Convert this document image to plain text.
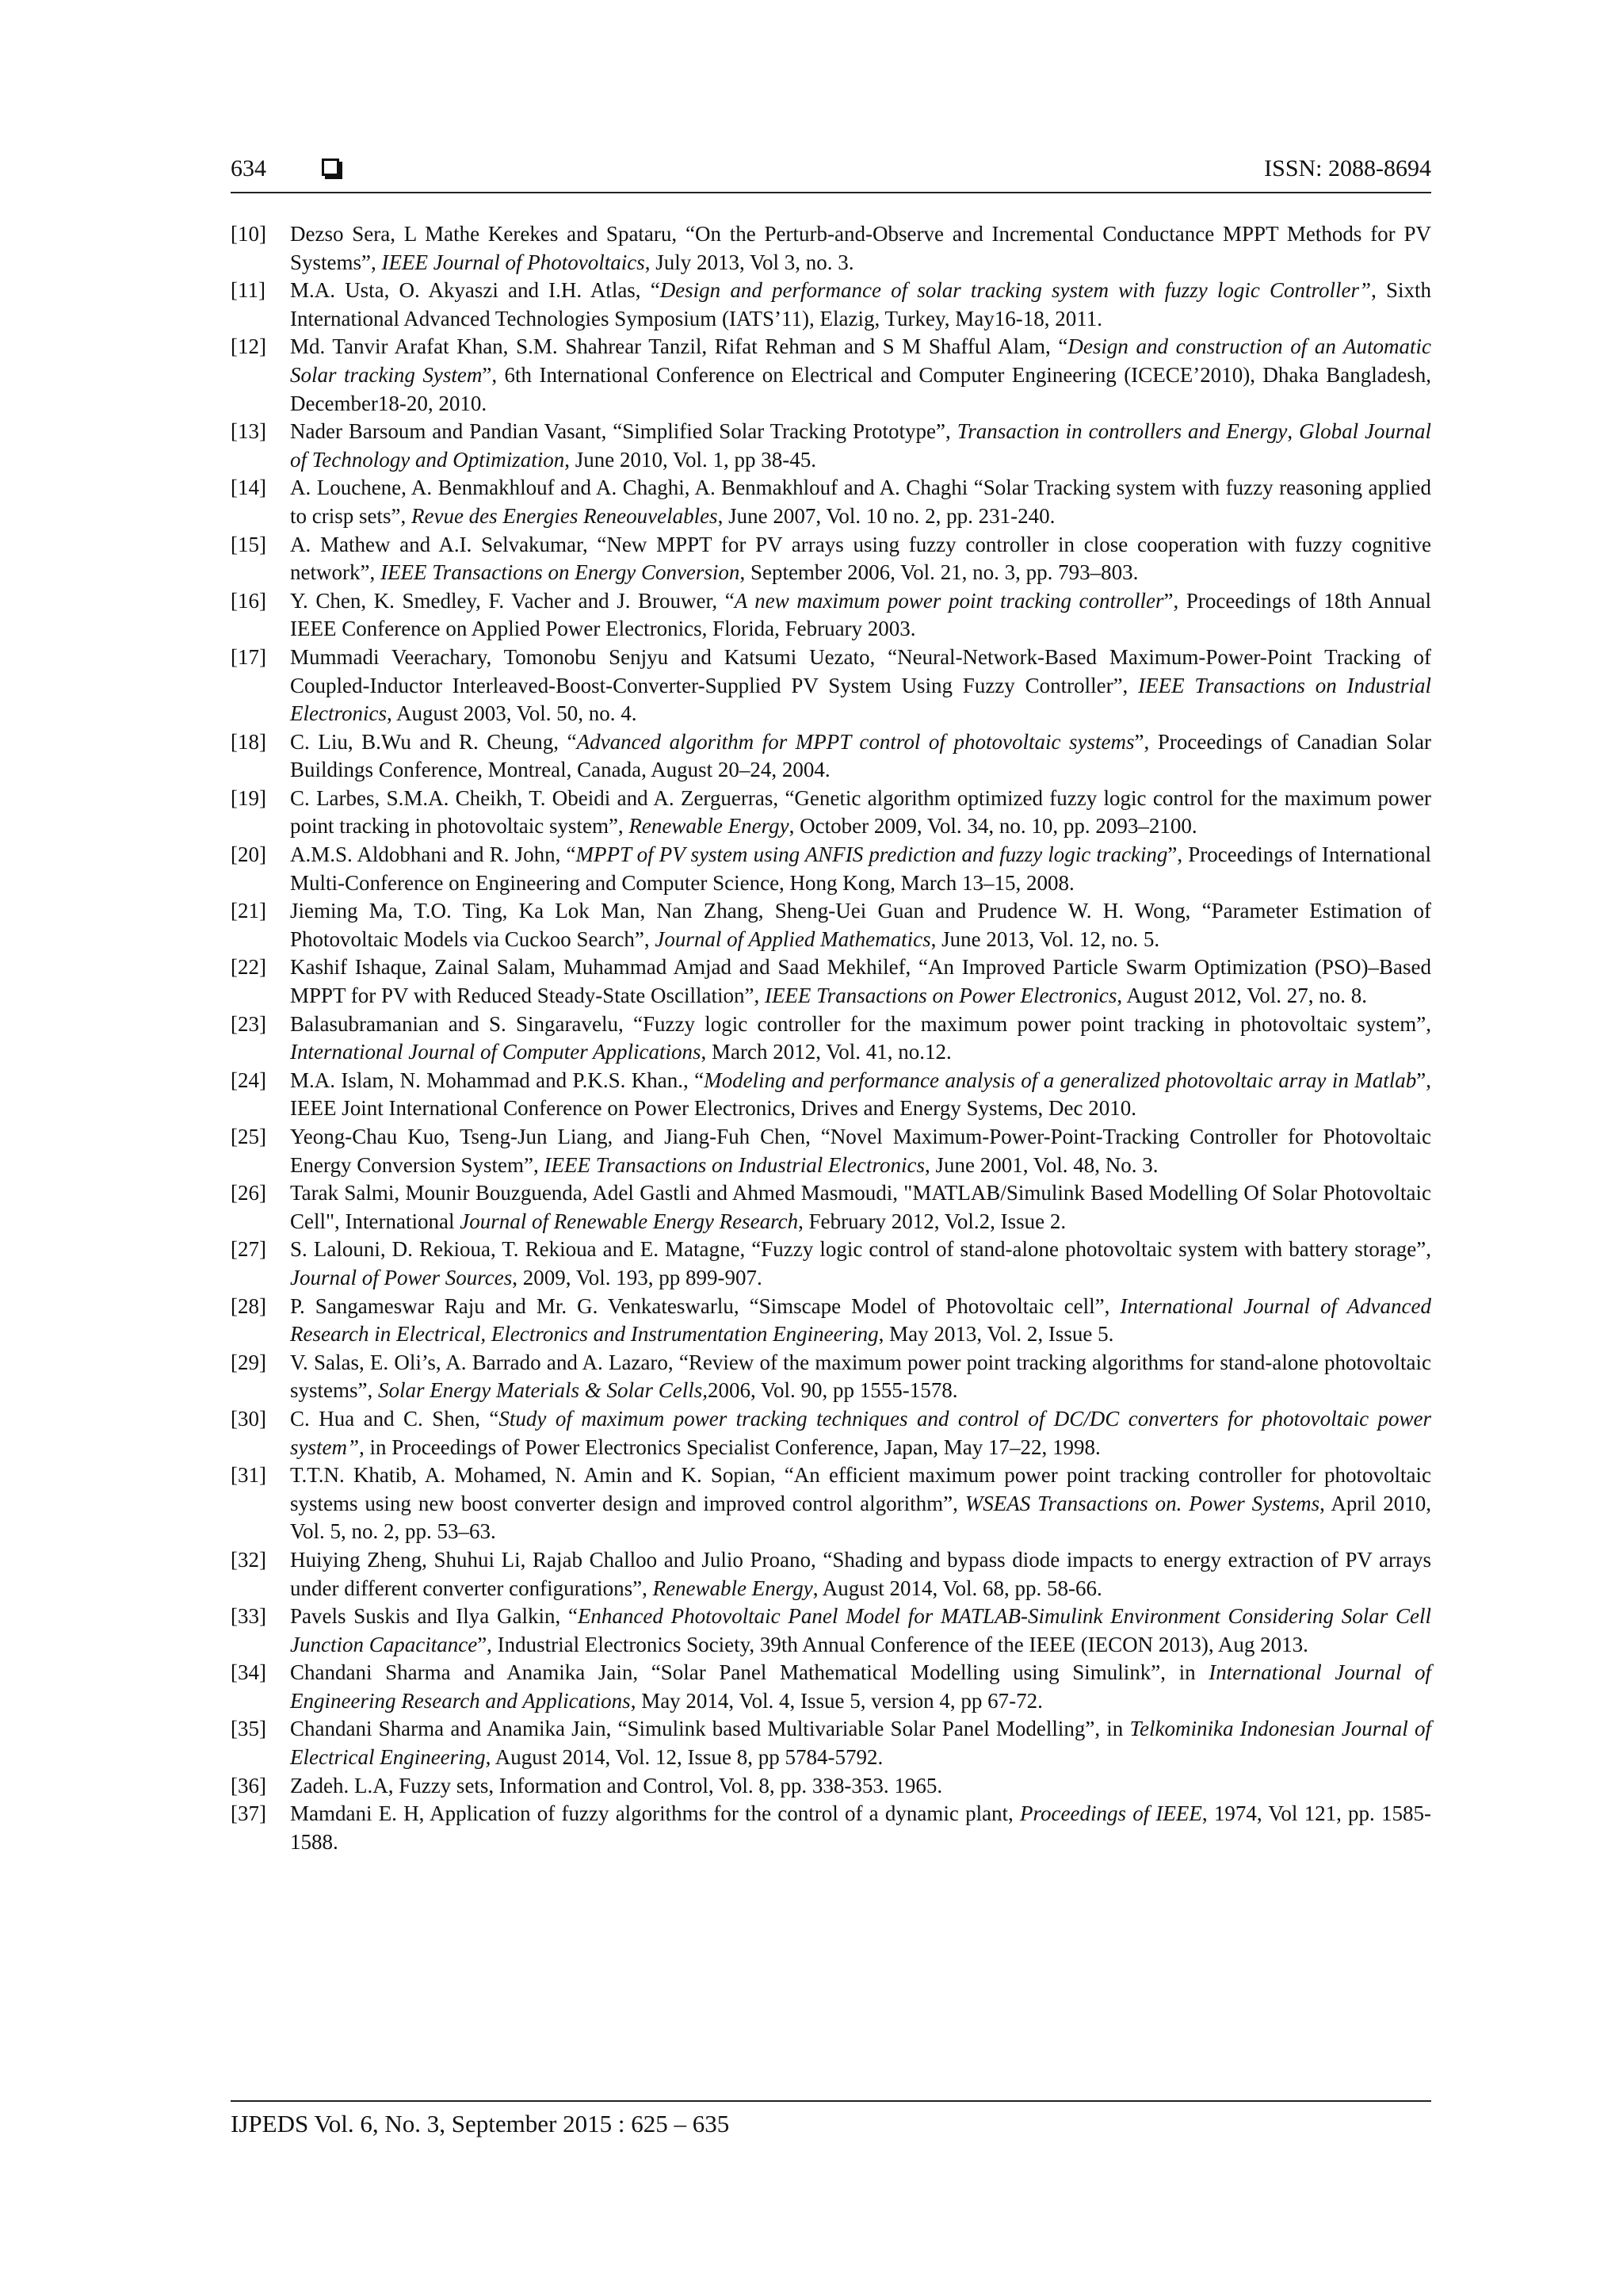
634	ISSN: 2088-8694
[10] Dezso Sera, L Mathe Kerekes and Spataru, “On the Perturb-and-Observe and Incremental Conductance MPPT Methods for PV Systems”, IEEE Journal of Photovoltaics, July 2013, Vol 3, no. 3.
[11] M.A. Usta, O. Akyaszi and I.H. Atlas, “Design and performance of solar tracking system with fuzzy logic Controller”, Sixth International Advanced Technologies Symposium (IATS’11), Elazig, Turkey, May16-18, 2011.
[12] Md. Tanvir Arafat Khan, S.M. Shahrear Tanzil, Rifat Rehman and S M Shafful Alam, “Design and construction of an Automatic Solar tracking System”, 6th International Conference on Electrical and Computer Engineering (ICECE’2010), Dhaka Bangladesh, December18-20, 2010.
[13] Nader Barsoum and Pandian Vasant, “Simplified Solar Tracking Prototype”, Transaction in controllers and Energy, Global Journal of Technology and Optimization, June 2010, Vol. 1, pp 38-45.
[14] A. Louchene, A. Benmakhlouf and A. Chaghi, A. Benmakhlouf and A. Chaghi “Solar Tracking system with fuzzy reasoning applied to crisp sets”, Revue des Energies Reneouvelables, June 2007, Vol. 10 no. 2, pp. 231-240.
[15] A. Mathew and A.I. Selvakumar, “New MPPT for PV arrays using fuzzy controller in close cooperation with fuzzy cognitive network”, IEEE Transactions on Energy Conversion, September 2006, Vol. 21, no. 3, pp. 793–803.
[16] Y. Chen, K. Smedley, F. Vacher and J. Brouwer, “A new maximum power point tracking controller”, Proceedings of 18th Annual IEEE Conference on Applied Power Electronics, Florida, February 2003.
[17] Mummadi Veerachary, Tomonobu Senjyu and Katsumi Uezato, “Neural-Network-Based Maximum-Power-Point Tracking of Coupled-Inductor Interleaved-Boost-Converter-Supplied PV System Using Fuzzy Controller”, IEEE Transactions on Industrial Electronics, August 2003, Vol. 50, no. 4.
[18] C. Liu, B.Wu and R. Cheung, “Advanced algorithm for MPPT control of photovoltaic systems”, Proceedings of Canadian Solar Buildings Conference, Montreal, Canada, August 20–24, 2004.
[19] C. Larbes, S.M.A. Cheikh, T. Obeidi and A. Zerguerras, “Genetic algorithm optimized fuzzy logic control for the maximum power point tracking in photovoltaic system”, Renewable Energy, October 2009, Vol. 34, no. 10, pp. 2093–2100.
[20] A.M.S. Aldobhani and R. John, “MPPT of PV system using ANFIS prediction and fuzzy logic tracking”, Proceedings of International Multi-Conference on Engineering and Computer Science, Hong Kong, March 13–15, 2008.
[21] Jieming Ma, T.O. Ting, Ka Lok Man, Nan Zhang, Sheng-Uei Guan and Prudence W. H. Wong, “Parameter Estimation of Photovoltaic Models via Cuckoo Search”, Journal of Applied Mathematics, June 2013, Vol. 12, no. 5.
[22] Kashif Ishaque, Zainal Salam, Muhammad Amjad and Saad Mekhilef, “An Improved Particle Swarm Optimization (PSO)–Based MPPT for PV with Reduced Steady-State Oscillation”, IEEE Transactions on Power Electronics, August 2012, Vol. 27, no. 8.
[23] Balasubramanian and S. Singaravelu, “Fuzzy logic controller for the maximum power point tracking in photovoltaic system”, International Journal of Computer Applications, March 2012, Vol. 41, no.12.
[24] M.A. Islam, N. Mohammad and P.K.S. Khan., “Modeling and performance analysis of a generalized photovoltaic array in Matlab”, IEEE Joint International Conference on Power Electronics, Drives and Energy Systems, Dec 2010.
[25] Yeong-Chau Kuo, Tseng-Jun Liang, and Jiang-Fuh Chen, “Novel Maximum-Power-Point-Tracking Controller for Photovoltaic Energy Conversion System”, IEEE Transactions on Industrial Electronics, June 2001, Vol. 48, No. 3.
[26] Tarak Salmi, Mounir Bouzguenda, Adel Gastli and Ahmed Masmoudi, "MATLAB/Simulink Based Modelling Of Solar Photovoltaic Cell", International Journal of Renewable Energy Research, February 2012, Vol.2, Issue 2.
[27] S. Lalouni, D. Rekioua, T. Rekioua and E. Matagne, “Fuzzy logic control of stand-alone photovoltaic system with battery storage”, Journal of Power Sources, 2009, Vol. 193, pp 899-907.
[28] P. Sangameswar Raju and Mr. G. Venkateswarlu, “Simscape Model of Photovoltaic cell”, International Journal of Advanced Research in Electrical, Electronics and Instrumentation Engineering, May 2013, Vol. 2, Issue 5.
[29] V. Salas, E. Oli’s, A. Barrado and A. Lazaro, “Review of the maximum power point tracking algorithms for stand-alone photovoltaic systems”, Solar Energy Materials & Solar Cells,2006, Vol. 90, pp 1555-1578.
[30] C. Hua and C. Shen, “Study of maximum power tracking techniques and control of DC/DC converters for photovoltaic power system”, in Proceedings of Power Electronics Specialist Conference, Japan, May 17–22, 1998.
[31] T.T.N. Khatib, A. Mohamed, N. Amin and K. Sopian, “An efficient maximum power point tracking controller for photovoltaic systems using new boost converter design and improved control algorithm”, WSEAS Transactions on. Power Systems, April 2010, Vol. 5, no. 2, pp. 53–63.
[32] Huiying Zheng, Shuhui Li, Rajab Challoo and Julio Proano, “Shading and bypass diode impacts to energy extraction of PV arrays under different converter configurations”, Renewable Energy, August 2014, Vol. 68, pp. 58-66.
[33] Pavels Suskis and Ilya Galkin, “Enhanced Photovoltaic Panel Model for MATLAB-Simulink Environment Considering Solar Cell Junction Capacitance”, Industrial Electronics Society, 39th Annual Conference of the IEEE (IECON 2013), Aug 2013.
[34] Chandani Sharma and Anamika Jain, “Solar Panel Mathematical Modelling using Simulink”, in International Journal of Engineering Research and Applications, May 2014, Vol. 4, Issue 5, version 4, pp 67-72.
[35] Chandani Sharma and Anamika Jain, “Simulink based Multivariable Solar Panel Modelling”, in Telkominika Indonesian Journal of Electrical Engineering, August 2014, Vol. 12, Issue 8, pp 5784-5792.
[36] Zadeh. L.A, Fuzzy sets, Information and Control, Vol. 8, pp. 338-353. 1965.
[37] Mamdani E. H, Application of fuzzy algorithms for the control of a dynamic plant, Proceedings of IEEE, 1974, Vol 121, pp. 1585-1588.
IJPEDS Vol. 6, No. 3, September 2015 : 625 – 635
